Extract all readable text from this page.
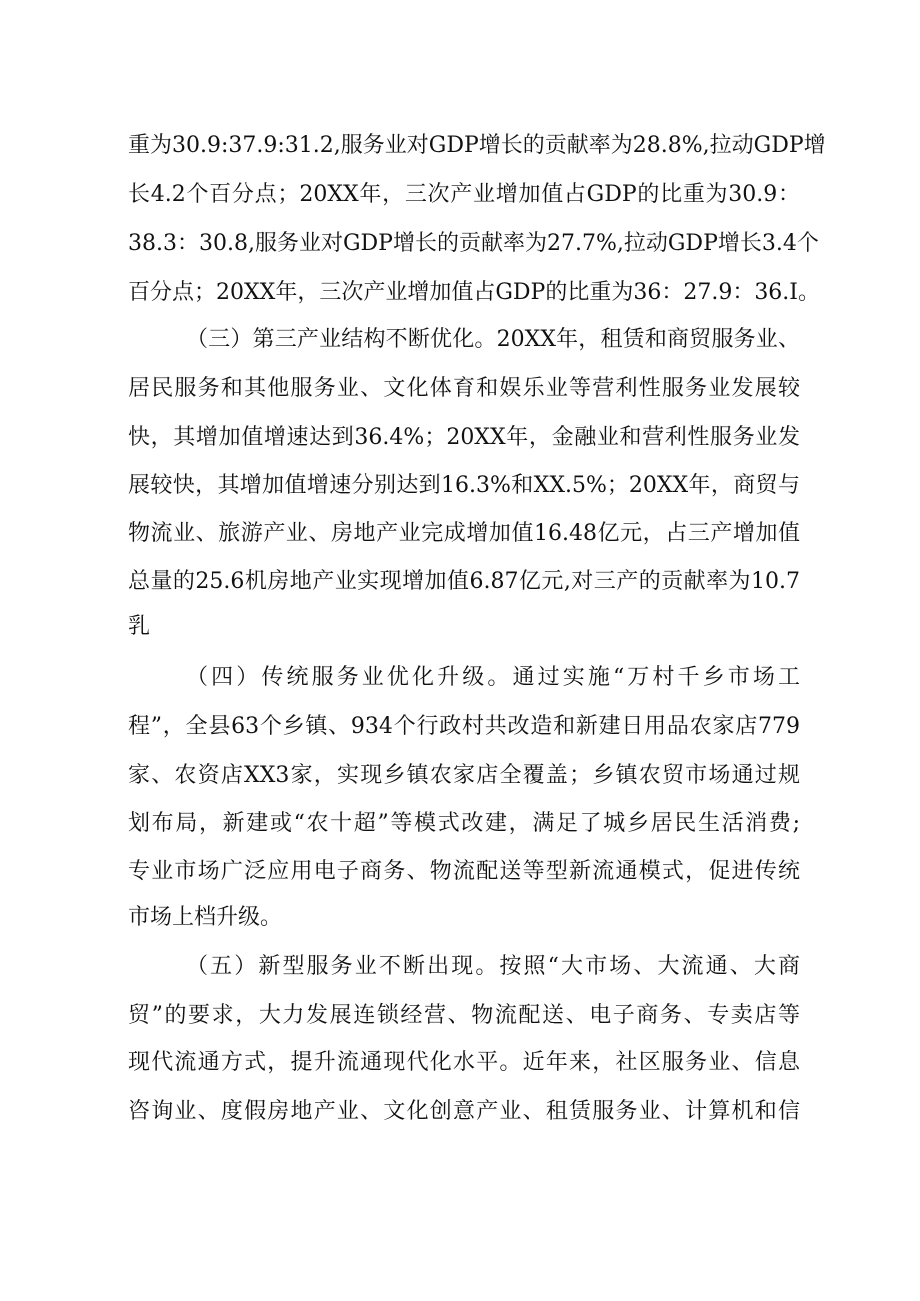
重为30.9:37.9:31.2,服务业对GDP增长的贡献率为28.8%,拉动GDP增
长4.2个百分点；20XX年，三次产业增加值占GDP的比重为30.9：
38.3：30.8,服务业对GDP增长的贡献率为27.7%,拉动GDP增长3.4个
百分点；20XX年，三次产业增加值占GDP的比重为36：27.9：36.I。
（三）第三产业结构不断优化。20XX年，租赁和商贸服务业、
居民服务和其他服务业、文化体育和娱乐业等营利性服务业发展较
快，其增加值增速达到36.4%；20XX年，金融业和营利性服务业发
展较快，其增加值增速分别达到16.3%和XX.5%；20XX年，商贸与
物流业、旅游产业、房地产业完成增加值16.48亿元，占三产增加值
总量的25.6机房地产业实现增加值6.87亿元,对三产的贡献率为10.7
乳
（四）传统服务业优化升级。通过实施“万村千乡市场工
程”，全县63个乡镇、934个行政村共改造和新建日用品农家店779
家、农资店XX3家，实现乡镇农家店全覆盖；乡镇农贸市场通过规
划布局，新建或“农十超”等模式改建，满足了城乡居民生活消费;
专业市场广泛应用电子商务、物流配送等型新流通模式，促进传统
市场上档升级。
（五）新型服务业不断出现。按照“大市场、大流通、大商
贸”的要求，大力发展连锁经营、物流配送、电子商务、专卖店等
现代流通方式，提升流通现代化水平。近年来，社区服务业、信息
咨询业、度假房地产业、文化创意产业、租赁服务业、计算机和信
